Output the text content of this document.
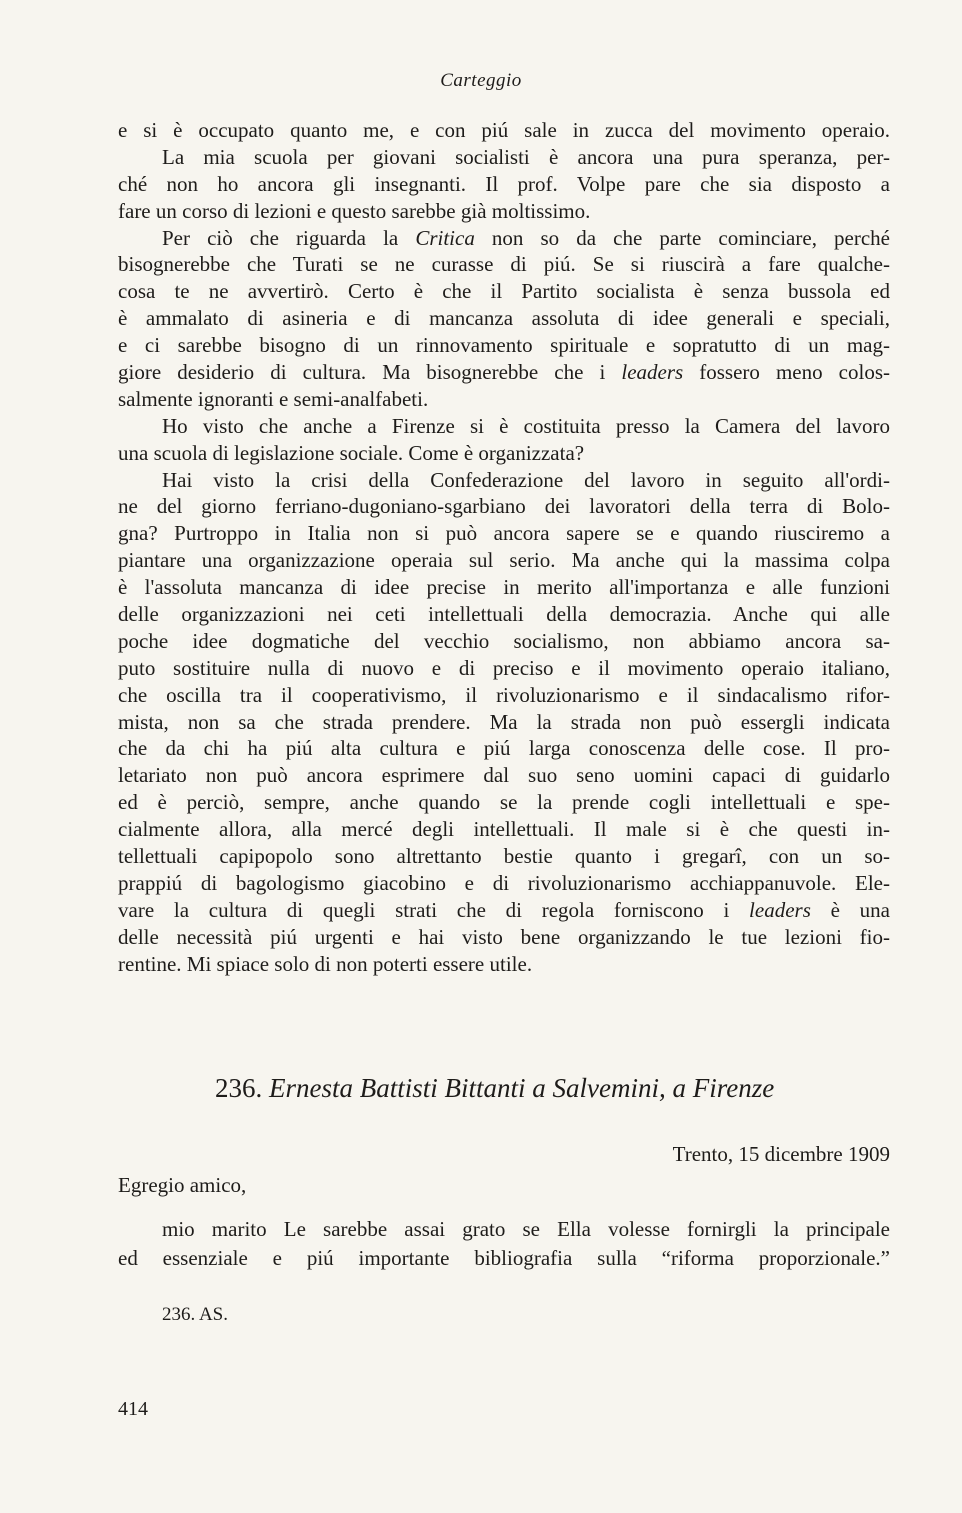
Carteggio
e si è occupato quanto me, e con piú sale in zucca del movimento operaio.
La mia scuola per giovani socialisti è ancora una pura speranza, per-
ché non ho ancora gli insegnanti. Il prof. Volpe pare che sia disposto a
fare un corso di lezioni e questo sarebbe già moltissimo.
Per ciò che riguarda la Critica non so da che parte cominciare, perché
bisognerebbe che Turati se ne curasse di piú. Se si riuscirà a fare qualche-
cosa te ne avvertirò. Certo è che il Partito socialista è senza bussola ed
è ammalato di asineria e di mancanza assoluta di idee generali e speciali,
e ci sarebbe bisogno di un rinnovamento spirituale e sopratutto di un mag-
giore desiderio di cultura. Ma bisognerebbe che i leaders fossero meno colos-
salmente ignoranti e semi-analfabeti.
Ho visto che anche a Firenze si è costituita presso la Camera del lavoro
una scuola di legislazione sociale. Come è organizzata?
Hai visto la crisi della Confederazione del lavoro in seguito all'ordi-
ne del giorno ferriano-dugoniano-sgarbiano dei lavoratori della terra di Bolo-
gna? Purtroppo in Italia non si può ancora sapere se e quando riusciremo a
piantare una organizzazione operaia sul serio. Ma anche qui la massima colpa
è l'assoluta mancanza di idee precise in merito all'importanza e alle funzioni
delle organizzazioni nei ceti intellettuali della democrazia. Anche qui alle
poche idee dogmatiche del vecchio socialismo, non abbiamo ancora sa-
puto sostituire nulla di nuovo e di preciso e il movimento operaio italiano,
che oscilla tra il cooperativismo, il rivoluzionarismo e il sindacalismo rifor-
mista, non sa che strada prendere. Ma la strada non può essergli indicata
che da chi ha piú alta cultura e piú larga conoscenza delle cose. Il pro-
letariato non può ancora esprimere dal suo seno uomini capaci di guidarlo
ed è perciò, sempre, anche quando se la prende cogli intellettuali e spe-
cialmente allora, alla mercé degli intellettuali. Il male si è che questi in-
tellettuali capipopolo sono altrettanto bestie quanto i gregarî, con un so-
prappiú di bagologismo giacobino e di rivoluzionarismo acchiappanuvole. Ele-
vare la cultura di quegli strati che di regola forniscono i leaders è una
delle necessità piú urgenti e hai visto bene organizzando le tue lezioni fio-
rentine. Mi spiace solo di non poterti essere utile.
236. Ernesta Battisti Bittanti a Salvemini, a Firenze
Trento, 15 dicembre 1909
Egregio amico,
mio marito Le sarebbe assai grato se Ella volesse fornirgli la principale
ed essenziale e piú importante bibliografia sulla “riforma proporzionale.”
236. AS.
414
